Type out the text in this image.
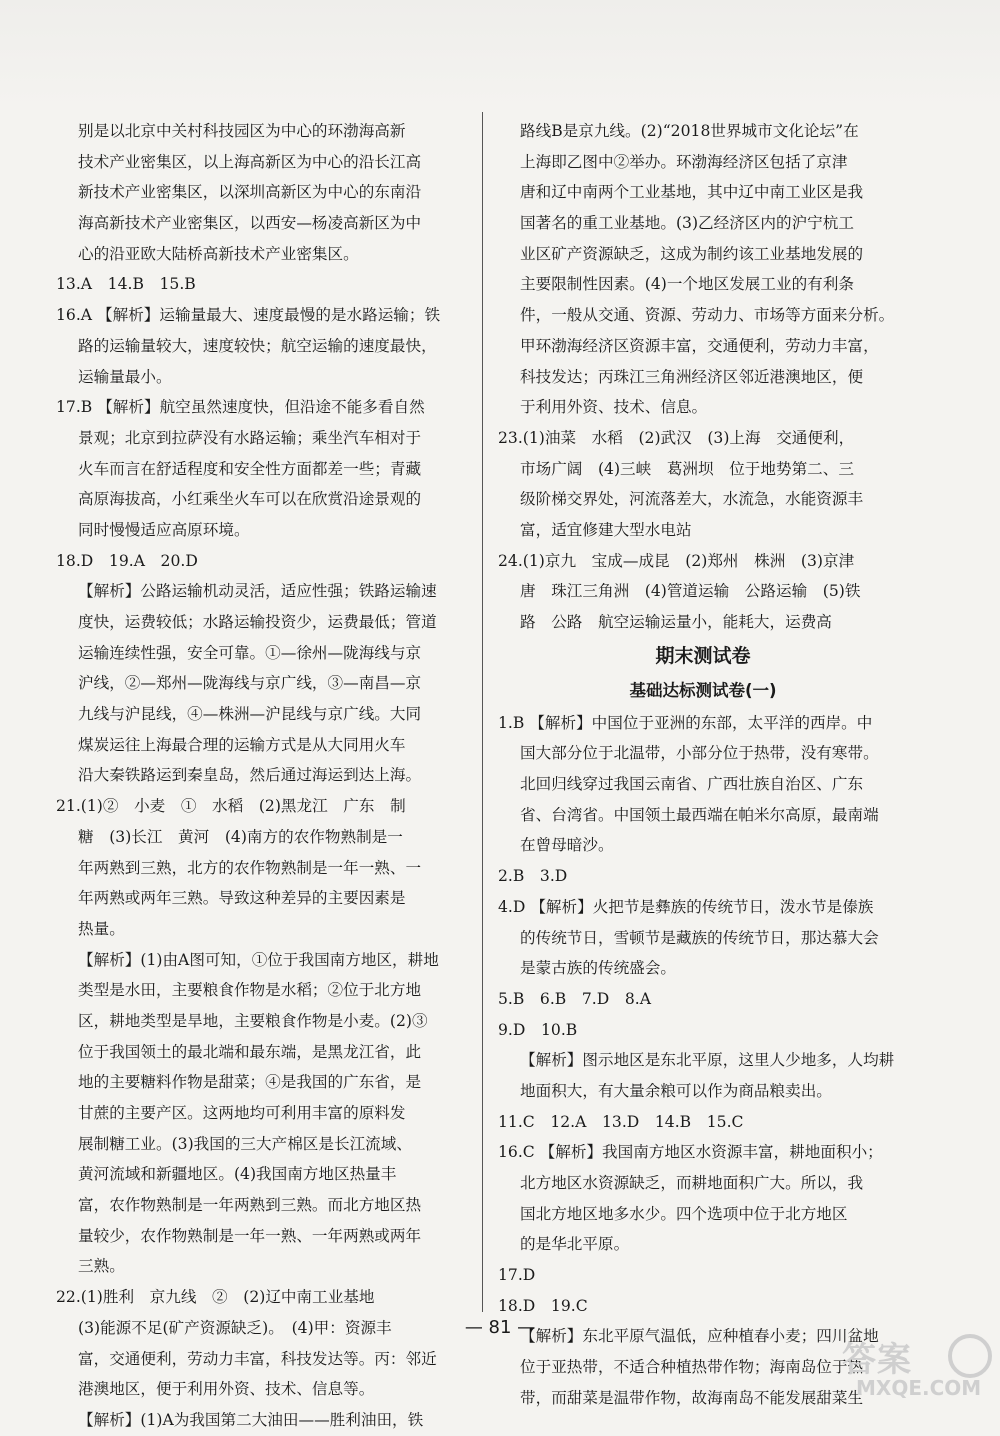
别是以北京中关村科技园区为中心的环渤海高新
技术产业密集区，以上海高新区为中心的沿长江高
新技术产业密集区，以深圳高新区为中心的东南沿
海高新技术产业密集区，以西安—杨凌高新区为中
心的沿亚欧大陆桥高新技术产业密集区。
13.A　14.B　15.B
16.A 【解析】运输量最大、速度最慢的是水路运输；铁
路的运输量较大，速度较快；航空运输的速度最快，
运输量最小。
17.B 【解析】航空虽然速度快，但沿途不能多看自然
景观；北京到拉萨没有水路运输；乘坐汽车相对于
火车而言在舒适程度和安全性方面都差一些；青藏
高原海拔高，小红乘坐火车可以在欣赏沿途景观的
同时慢慢适应高原环境。
18.D　19.A　20.D
【解析】公路运输机动灵活，适应性强；铁路运输速
度快，运费较低；水路运输投资少，运费最低；管道
运输连续性强，安全可靠。①—徐州—陇海线与京
沪线，②—郑州—陇海线与京广线，③—南昌—京
九线与沪昆线，④—株洲—沪昆线与京广线。大同
煤炭运往上海最合理的运输方式是从大同用火车
沿大秦铁路运到秦皇岛，然后通过海运到达上海。
21.(1)②　小麦　①　水稻　(2)黑龙江　广东　制
糖　(3)长江　黄河　(4)南方的农作物熟制是一
年两熟到三熟，北方的农作物熟制是一年一熟、一
年两熟或两年三熟。导致这种差异的主要因素是
热量。
【解析】(1)由A图可知，①位于我国南方地区，耕地
类型是水田，主要粮食作物是水稻；②位于北方地
区，耕地类型是旱地，主要粮食作物是小麦。(2)③
位于我国领土的最北端和最东端，是黑龙江省，此
地的主要糖料作物是甜菜；④是我国的广东省，是
甘蔗的主要产区。这两地均可利用丰富的原料发
展制糖工业。(3)我国的三大产棉区是长江流域、
黄河流域和新疆地区。(4)我国南方地区热量丰
富，农作物熟制是一年两熟到三熟。而北方地区热
量较少，农作物熟制是一年一熟、一年两熟或两年
三熟。
22.(1)胜利　京九线　②　(2)辽中南工业基地
(3)能源不足(矿产资源缺乏)。　(4)甲：资源丰
富，交通便利，劳动力丰富，科技发达等。丙：邻近
港澳地区，便于利用外资、技术、信息等。
【解析】(1)A为我国第二大油田——胜利油田，铁
路线B是京九线。(2)“2018世界城市文化论坛”在
上海即乙图中②举办。环渤海经济区包括了京津
唐和辽中南两个工业基地，其中辽中南工业区是我
国著名的重工业基地。(3)乙经济区内的沪宁杭工
业区矿产资源缺乏，这成为制约该工业基地发展的
主要限制性因素。(4)一个地区发展工业的有利条
件，一般从交通、资源、劳动力、市场等方面来分析。
甲环渤海经济区资源丰富，交通便利，劳动力丰富，
科技发达；丙珠江三角洲经济区邻近港澳地区，便
于利用外资、技术、信息。
23.(1)油菜　水稻　(2)武汉　(3)上海　交通便利，
市场广阔　(4)三峡　葛洲坝　位于地势第二、三
级阶梯交界处，河流落差大，水流急，水能资源丰
富，适宜修建大型水电站
24.(1)京九　宝成—成昆　(2)郑州　株洲　(3)京津
唐　珠江三角洲　(4)管道运输　公路运输　(5)铁
路　公路　航空运输运量小，能耗大，运费高
期末测试卷
基础达标测试卷(一)
1.B 【解析】中国位于亚洲的东部，太平洋的西岸。中
国大部分位于北温带，小部分位于热带，没有寒带。
北回归线穿过我国云南省、广西壮族自治区、广东
省、台湾省。中国领土最西端在帕米尔高原，最南端
在曾母暗沙。
2.B　3.D
4.D 【解析】火把节是彝族的传统节日，泼水节是傣族
的传统节日，雪顿节是藏族的传统节日，那达慕大会
是蒙古族的传统盛会。
5.B　6.B　7.D　8.A
9.D　10.B
【解析】图示地区是东北平原，这里人少地多，人均耕
地面积大，有大量余粮可以作为商品粮卖出。
11.C　12.A　13.D　14.B　15.C
16.C 【解析】我国南方地区水资源丰富，耕地面积小；
北方地区水资源缺乏，而耕地面积广大。所以，我
国北方地区地多水少。四个选项中位于北方地区
的是华北平原。
17.D
18.D　19.C
【解析】东北平原气温低，应种植春小麦；四川盆地
位于亚热带，不适合种植热带作物；海南岛位于热
带，而甜菜是温带作物，故海南岛不能发展甜菜生
— 81 —
答案
MXQE.COM
